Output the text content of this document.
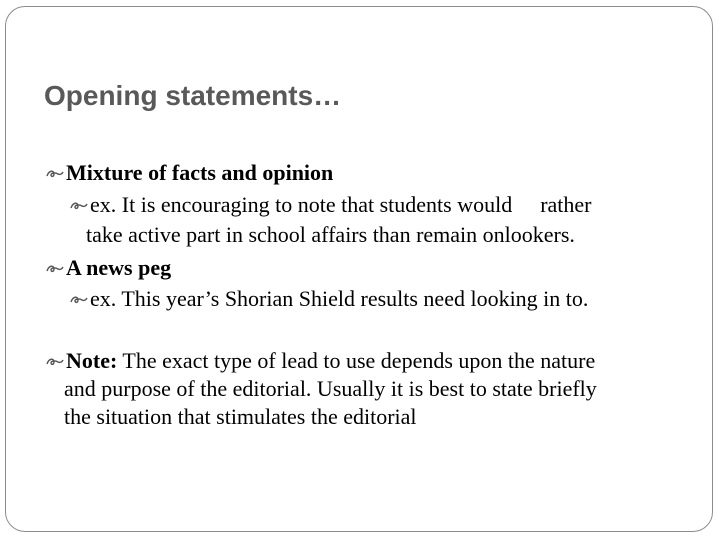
Opening statements…
Mixture of facts and opinion
ex. It is encouraging to note that students would rather
take active part in school affairs than remain onlookers.
A news peg
ex. This year’s Shorian Shield results need looking in to.
Note: The exact type of lead to use depends upon the nature
and purpose of the editorial. Usually it is best to state briefly
the situation that stimulates the editorial
